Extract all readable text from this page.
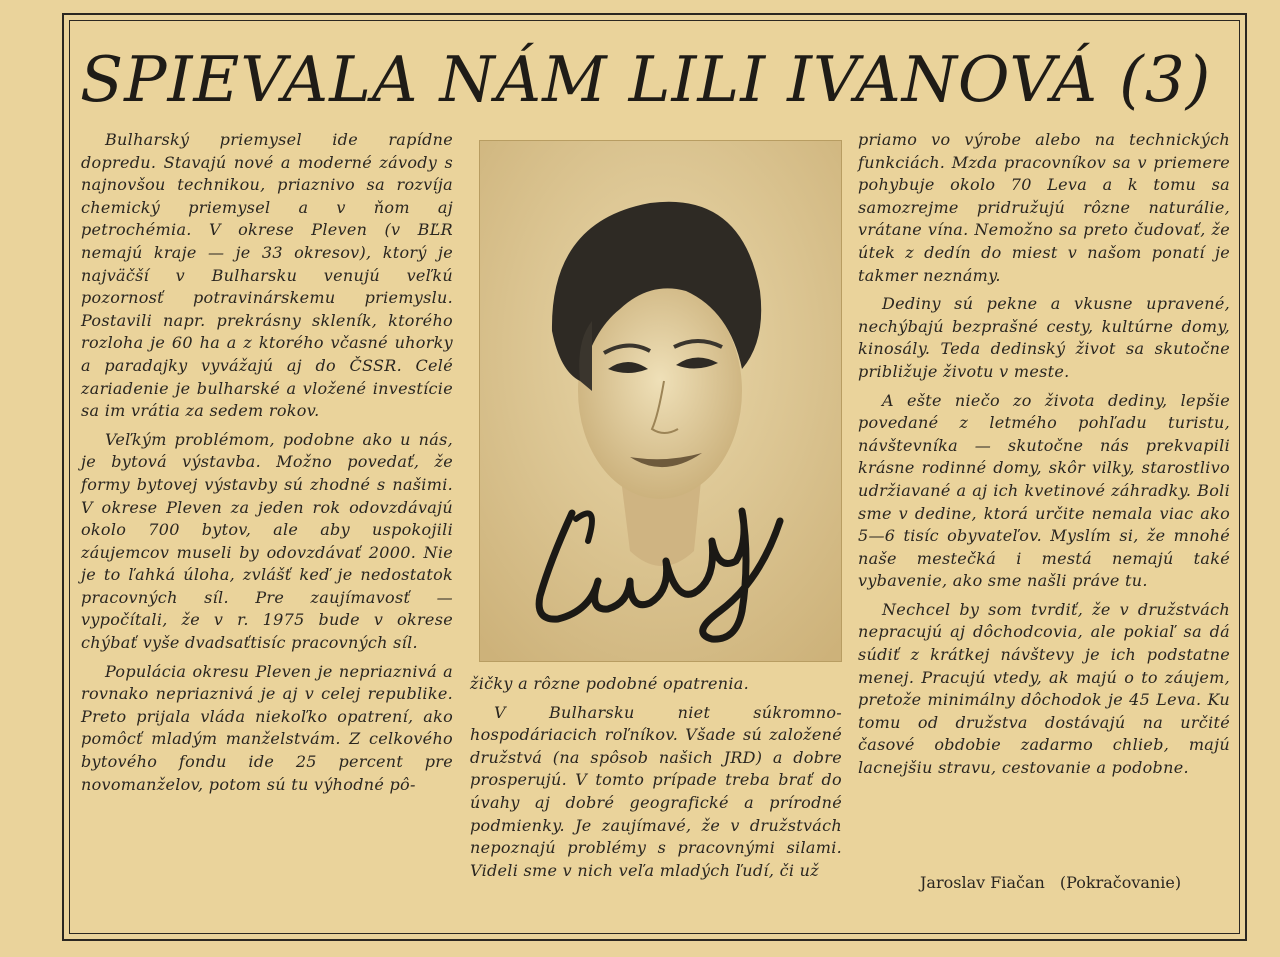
SPIEVALA NÁM LILI IVANOVÁ (3)

Bulharský priemysel ide rapídne dopredu. Stavajú nové a moderné závody s najnovšou technikou, priaznivo sa rozvíja chemický priemysel a v ňom aj petrochémia. V okrese Pleven (v BĽR nemajú kraje — je 33 okresov), ktorý je najväčší v Bulharsku venujú veľkú pozornosť potravinárskemu priemyslu. Postavili napr. prekrásny skleník, ktorého rozloha je 60 ha a z ktorého včasné uhorky a paradajky vyvážajú aj do ČSSR. Celé zariadenie je bulharské a vložené investície sa im vrátia za sedem rokov.

Veľkým problémom, podobne ako u nás, je bytová výstavba. Možno povedať, že formy bytovej výstavby sú zhodné s našimi. V okrese Pleven za jeden rok odovzdávajú okolo 700 bytov, ale aby uspokojili záujemcov museli by odovzdávať 2000. Nie je to ľahká úloha, zvlášť keď je nedostatok pracovných síl. Pre zaujímavosť — vypočítali, že v r. 1975 bude v okrese chýbať vyše dvadsaťtisíc pracovných síl.

Populácia okresu Pleven je nepriaznivá a rovnako nepriaznivá je aj v celej republike. Preto prijala vláda niekoľko opatrení, ako pomôcť mladým manželstvám. Z celkového bytového fondu ide 25 percent pre novomanželov, potom sú tu výhodné pô-

žičky a rôzne podobné opatrenia.

V Bulharsku niet súkromno-hospodáriacich roľníkov. Všade sú založené družstvá (na spôsob našich JRD) a dobre prosperujú. V tomto prípade treba brať do úvahy aj dobré geografické a prírodné podmienky. Je zaujímavé, že v družstvách nepoznajú problémy s pracovnými silami. Videli sme v nich veľa mladých ľudí, či už

priamo vo výrobe alebo na technických funkciách. Mzda pracovníkov sa v priemere pohybuje okolo 70 Leva a k tomu sa samozrejme pridružujú rôzne naturálie, vrátane vína. Nemožno sa preto čudovať, že útek z dedín do miest v našom ponatí je takmer neznámy.

Dediny sú pekne a vkusne upravené, nechýbajú bezprašné cesty, kultúrne domy, kinosály. Teda dedinský život sa skutočne približuje životu v meste.

A ešte niečo zo života dediny, lepšie povedané z letmého pohľadu turistu, návštevníka — skutočne nás prekvapili krásne rodinné domy, skôr vilky, starostlivo udržiavané a aj ich kvetinové záhradky. Boli sme v dedine, ktorá určite nemala viac ako 5—6 tisíc obyvateľov. Myslím si, že mnohé naše mestečká i mestá nemajú také vybavenie, ako sme našli práve tu.

Nechcel by som tvrdiť, že v družstvách nepracujú aj dôchodcovia, ale pokiaľ sa dá súdiť z krátkej návštevy je ich podstatne menej. Pracujú vtedy, ak majú o to záujem, pretože minimálny dôchodok je 45 Leva. Ku tomu od družstva dostávajú na určité časové obdobie zadarmo chlieb, majú lacnejšiu stravu, cestovanie a podobne.

Jaroslav Fiačan (Pokračovanie)
